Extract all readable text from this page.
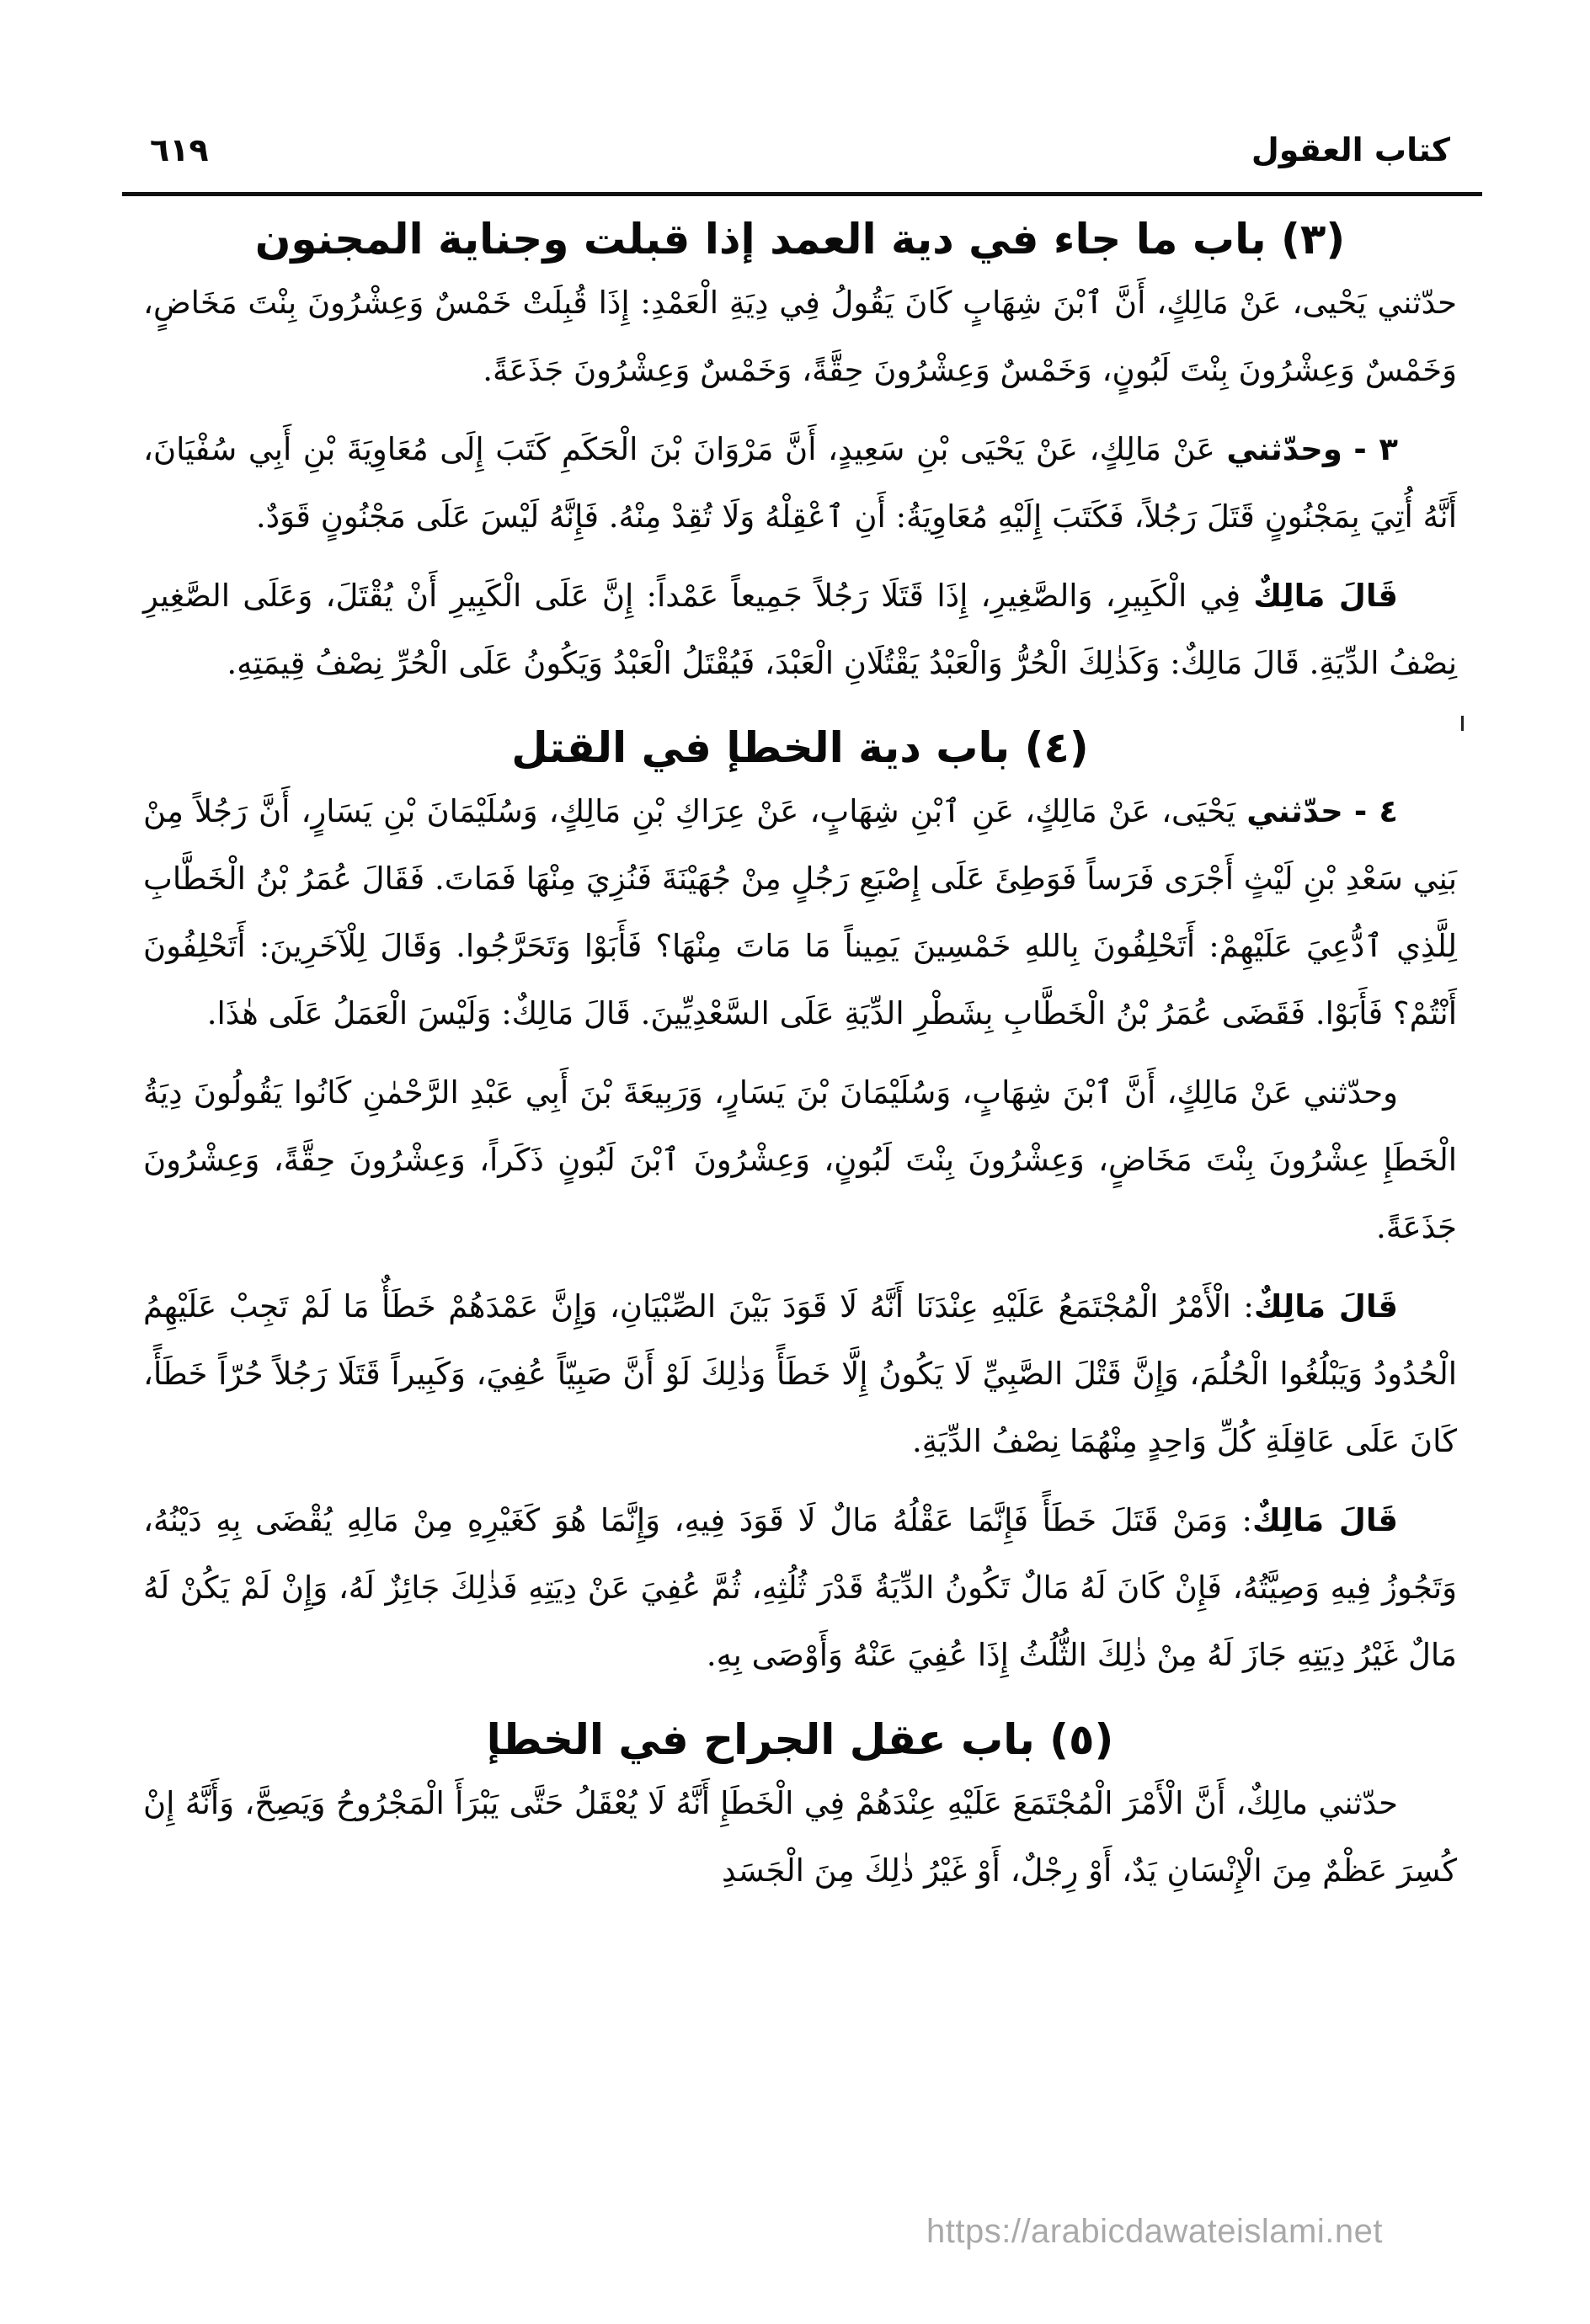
كتاب العقول
٦١٩
(٣) باب ما جاء في دية العمد إذا قبلت وجناية المجنون

حدّثني يَحْيى، عَنْ مَالِكٍ، أَنَّ ٱبْنَ شِهَابٍ كَانَ يَقُولُ فِي دِيَةِ الْعَمْدِ: إِذَا قُبِلَتْ خَمْسٌ وَعِشْرُونَ بِنْتَ مَخَاضٍ، وَخَمْسٌ وَعِشْرُونَ بِنْتَ لَبُونٍ، وَخَمْسٌ وَعِشْرُونَ حِقَّةً، وَخَمْسٌ وَعِشْرُونَ جَذَعَةً.

٣ - وحدّثني عَنْ مَالِكٍ، عَنْ يَحْيَى بْنِ سَعِيدٍ، أَنَّ مَرْوَانَ بْنَ الْحَكَمِ كَتَبَ إِلَى مُعَاوِيَةَ بْنِ أَبِي سُفْيَانَ، أَنَّهُ أُتِيَ بِمَجْنُونٍ قَتَلَ رَجُلاً، فَكَتَبَ إِلَيْهِ مُعَاوِيَةُ: أَنِ ٱعْقِلْهُ وَلَا تُقِدْ مِنْهُ. فَإِنَّهُ لَيْسَ عَلَى مَجْنُونٍ قَوَدٌ.

قَالَ مَالِكٌ فِي الْكَبِيرِ، وَالصَّغِيرِ، إِذَا قَتَلَا رَجُلاً جَمِيعاً عَمْداً: إِنَّ عَلَى الْكَبِيرِ أَنْ يُقْتَلَ، وَعَلَى الصَّغِيرِ نِصْفُ الدِّيَةِ. قَالَ مَالِكٌ: وَكَذٰلِكَ الْحُرُّ وَالْعَبْدُ يَقْتُلَانِ الْعَبْدَ، فَيُقْتَلُ الْعَبْدُ وَيَكُونُ عَلَى الْحُرِّ نِصْفُ قِيمَتِهِ.

(٤) باب دية الخطإ في القتل

٤ - حدّثني يَحْيَى، عَنْ مَالِكٍ، عَنِ ٱبْنِ شِهَابٍ، عَنْ عِرَاكِ بْنِ مَالِكٍ، وَسُلَيْمَانَ بْنِ يَسَارٍ، أَنَّ رَجُلاً مِنْ بَنِي سَعْدِ بْنِ لَيْثٍ أَجْرَى فَرَساً فَوَطِئَ عَلَى إِصْبَعِ رَجُلٍ مِنْ جُهَيْنَةَ فَنُزِيَ مِنْهَا فَمَاتَ. فَقَالَ عُمَرُ بْنُ الْخَطَّابِ لِلَّذِي ٱدُّعِيَ عَلَيْهِمْ: أَتَحْلِفُونَ بِاللهِ خَمْسِينَ يَمِيناً مَا مَاتَ مِنْهَا؟ فَأَبَوْا وَتَحَرَّجُوا. وَقَالَ لِلْآخَرِينَ: أَتَحْلِفُونَ أَنْتُمْ؟ فَأَبَوْا. فَقَضَى عُمَرُ بْنُ الْخَطَّابِ بِشَطْرِ الدِّيَةِ عَلَى السَّعْدِيِّينَ. قَالَ مَالِكٌ: وَلَيْسَ الْعَمَلُ عَلَى هٰذَا.

وحدّثني عَنْ مَالِكٍ، أَنَّ ٱبْنَ شِهَابٍ، وَسُلَيْمَانَ بْنَ يَسَارٍ، وَرَبِيعَةَ بْنَ أَبِي عَبْدِ الرَّحْمٰنِ كَانُوا يَقُولُونَ دِيَةُ الْخَطَإِ عِشْرُونَ بِنْتَ مَخَاضٍ، وَعِشْرُونَ بِنْتَ لَبُونٍ، وَعِشْرُونَ ٱبْنَ لَبُونٍ ذَكَراً، وَعِشْرُونَ حِقَّةً، وَعِشْرُونَ جَذَعَةً.

قَالَ مَالِكٌ: الْأَمْرُ الْمُجْتَمَعُ عَلَيْهِ عِنْدَنَا أَنَّهُ لَا قَوَدَ بَيْنَ الصِّبْيَانِ، وَإِنَّ عَمْدَهُمْ خَطَأٌ مَا لَمْ تَجِبْ عَلَيْهِمُ الْحُدُودُ وَيَبْلُغُوا الْحُلُمَ، وَإِنَّ قَتْلَ الصَّبِيِّ لَا يَكُونُ إِلَّا خَطَأً وَذٰلِكَ لَوْ أَنَّ صَبِيّاً عُفِيَ، وَكَبِيراً قَتَلَا رَجُلاً حُرّاً خَطَأً، كَانَ عَلَى عَاقِلَةِ كُلِّ وَاحِدٍ مِنْهُمَا نِصْفُ الدِّيَةِ.

قَالَ مَالِكٌ: وَمَنْ قَتَلَ خَطَأً فَإِنَّمَا عَقْلُهُ مَالٌ لَا قَوَدَ فِيهِ، وَإِنَّمَا هُوَ كَغَيْرِهِ مِنْ مَالِهِ يُقْضَى بِهِ دَيْنُهُ، وَتَجُوزُ فِيهِ وَصِيَّتُهُ، فَإِنْ كَانَ لَهُ مَالٌ تَكُونُ الدِّيَةُ قَدْرَ ثُلُثِهِ، ثُمَّ عُفِيَ عَنْ دِيَتِهِ فَذٰلِكَ جَائِزٌ لَهُ، وَإِنْ لَمْ يَكُنْ لَهُ مَالٌ غَيْرُ دِيَتِهِ جَازَ لَهُ مِنْ ذٰلِكَ الثُّلُثُ إِذَا عُفِيَ عَنْهُ وَأَوْصَى بِهِ.

(٥) باب عقل الجراح في الخطإ

حدّثني مالِكٌ، أَنَّ الْأَمْرَ الْمُجْتَمَعَ عَلَيْهِ عِنْدَهُمْ فِي الْخَطَإِ أَنَّهُ لَا يُعْقَلُ حَتَّى يَبْرَأَ الْمَجْرُوحُ وَيَصِحَّ، وَأَنَّهُ إِنْ كُسِرَ عَظْمٌ مِنَ الْإِنْسَانِ يَدٌ، أَوْ رِجْلٌ، أَوْ غَيْرُ ذٰلِكَ مِنَ الْجَسَدِ

https://arabicdawateislami.net
